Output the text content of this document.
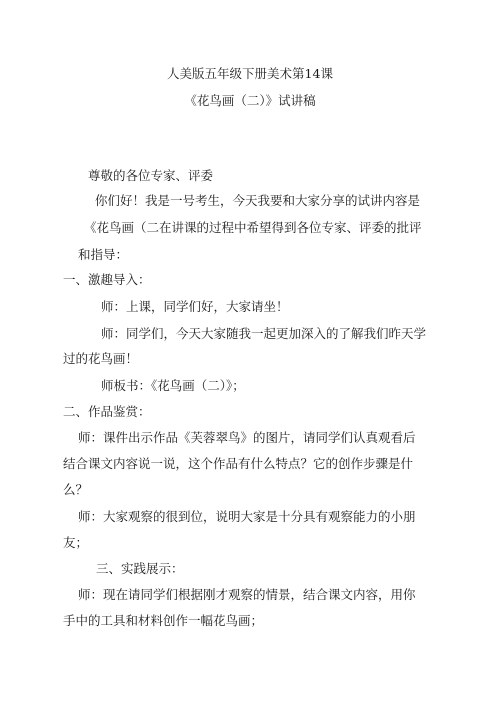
人美版五年级下册美术第14课
《花鸟画（二）》试讲稿
尊敬的各位专家、评委
你们好！我是一号考生，今天我要和大家分享的试讲内容是
《花鸟画（二在讲课的过程中希望得到各位专家、评委的批评
和指导：
一、激趣导入：
师：上课，同学们好，大家请坐！
师：同学们，今天大家随我一起更加深入的了解我们昨天学
过的花鸟画！
师板书：《花鸟画（二）》；
二、作品鉴赏：
师：课件出示作品《芙蓉翠鸟》的图片，请同学们认真观看后
结合课文内容说一说，这个作品有什么特点？它的创作步骤是什
么？
师：大家观察的很到位，说明大家是十分具有观察能力的小朋
友；
三、实践展示：
师：现在请同学们根据刚才观察的情景，结合课文内容，用你
手中的工具和材料创作一幅花鸟画；
